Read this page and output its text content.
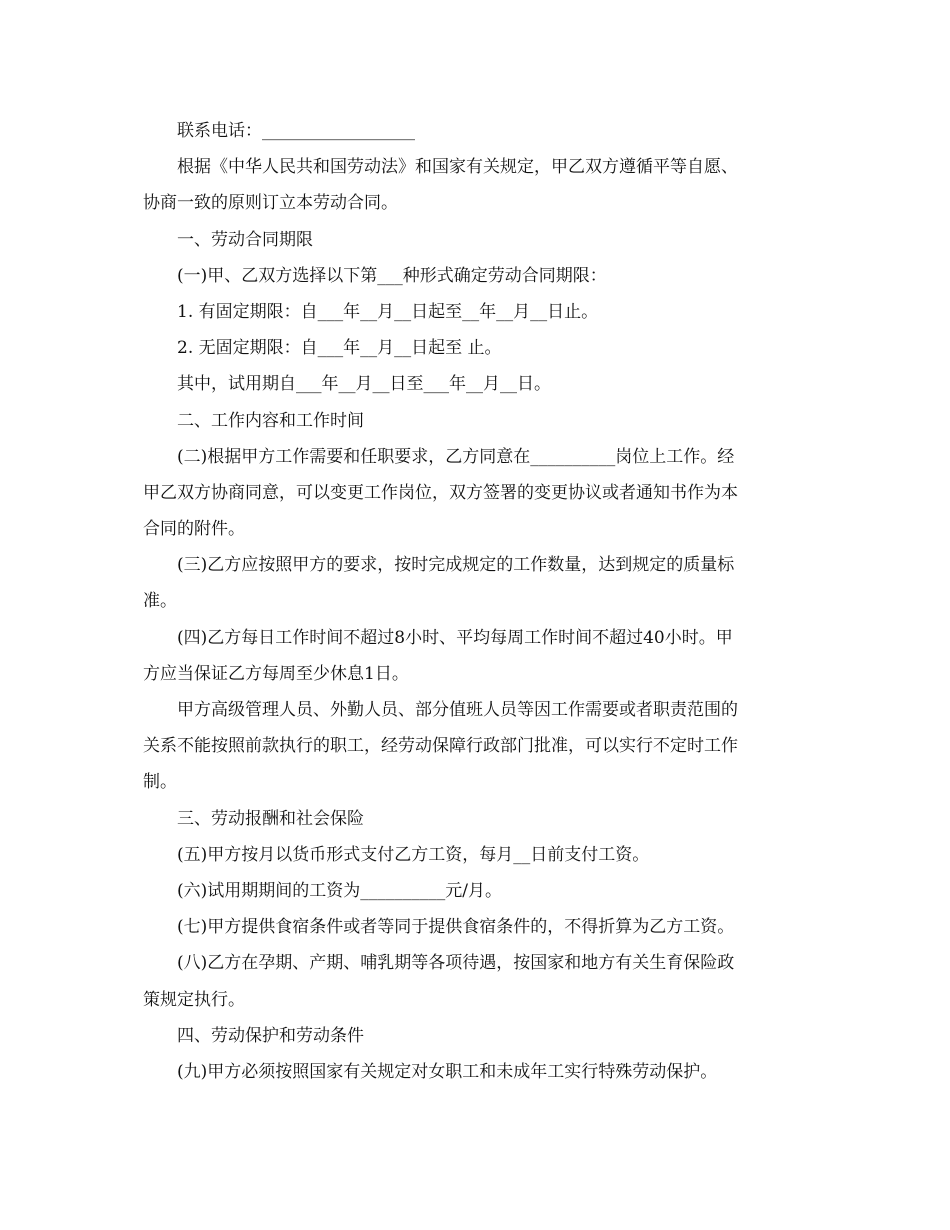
联系电话：__________________
根据《中华人民共和国劳动法》和国家有关规定，甲乙双方遵循平等自愿、
协商一致的原则订立本劳动合同。
一、劳动合同期限
(一)甲、乙双方选择以下第___种形式确定劳动合同期限：
1. 有固定期限：自___年__月__日起至__年__月__日止。
2. 无固定期限：自___年__月__日起至 止。
其中，试用期自___年__月__日至___年__月__日。
二、工作内容和工作时间
(二)根据甲方工作需要和任职要求，乙方同意在__________岗位上工作。经
甲乙双方协商同意，可以变更工作岗位，双方签署的变更协议或者通知书作为本
合同的附件。
(三)乙方应按照甲方的要求，按时完成规定的工作数量，达到规定的质量标
准。
(四)乙方每日工作时间不超过8小时、平均每周工作时间不超过40小时。甲
方应当保证乙方每周至少休息1日。
甲方高级管理人员、外勤人员、部分值班人员等因工作需要或者职责范围的
关系不能按照前款执行的职工，经劳动保障行政部门批准，可以实行不定时工作
制。
三、劳动报酬和社会保险
(五)甲方按月以货币形式支付乙方工资，每月__日前支付工资。
(六)试用期期间的工资为__________元/月。
(七)甲方提供食宿条件或者等同于提供食宿条件的，不得折算为乙方工资。
(八)乙方在孕期、产期、哺乳期等各项待遇，按国家和地方有关生育保险政
策规定执行。
四、劳动保护和劳动条件
(九)甲方必须按照国家有关规定对女职工和未成年工实行特殊劳动保护。
